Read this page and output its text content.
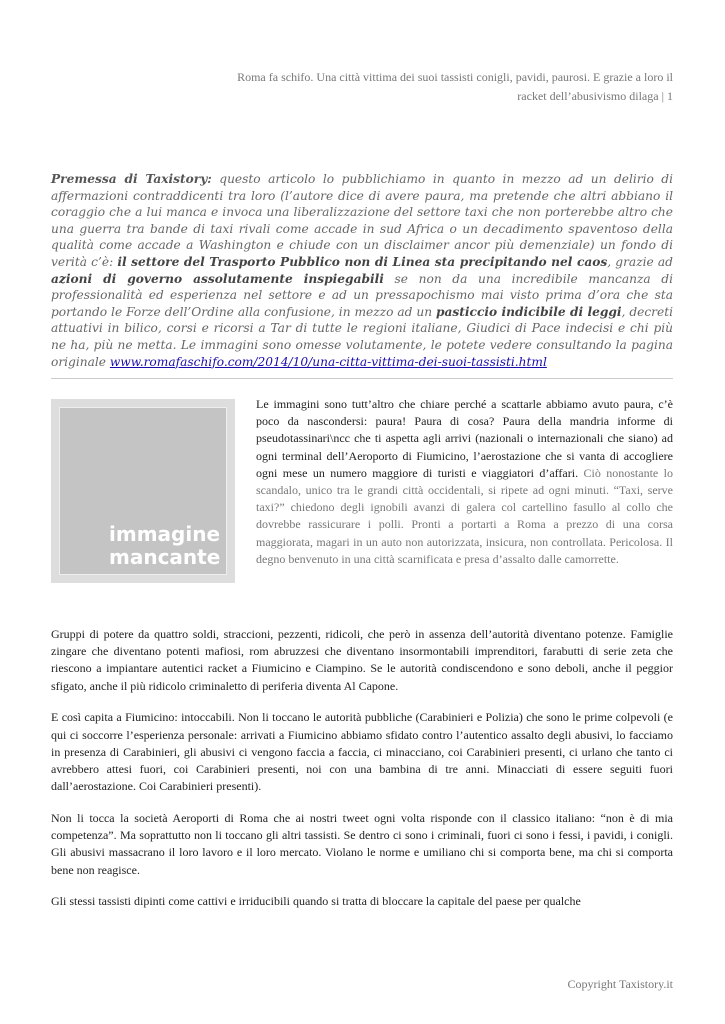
Roma fa schifo. Una città vittima dei suoi tassisti conigli, pavidi, paurosi. E grazie a loro il
racket dell’abusivismo dilaga | 1
Premessa di Taxistory: questo articolo lo pubblichiamo in quanto in mezzo ad un delirio di affermazioni contraddicenti tra loro (l’autore dice di avere paura, ma pretende che altri abbiano il coraggio che a lui manca e invoca una liberalizzazione del settore taxi che non porterebbe altro che una guerra tra bande di taxi rivali come accade in sud Africa o un decadimento spaventoso della qualità come accade a Washington e chiude con un disclaimer ancor più demenziale) un fondo di verità c’è: il settore del Trasporto Pubblico non di Linea sta precipitando nel caos, grazie ad azioni di governo assolutamente inspiegabili se non da una incredibile mancanza di professionalità ed esperienza nel settore e ad un pressapochismo mai visto prima d’ora che sta portando le Forze dell’Ordine alla confusione, in mezzo ad un pasticcio indicibile di leggi, decreti attuativi in bilico, corsi e ricorsi a Tar di tutte le regioni italiane, Giudici di Pace indecisi e chi più ne ha, più ne metta. Le immagini sono omesse volutamente, le potete vedere consultando la pagina originale www.romafaschifo.com/2014/10/una-citta-vittima-dei-suoi-tassisti.html
immagine
mancante
Le immagini sono tutt’altro che chiare perché a scattarle abbiamo avuto paura, c’è poco da nascondersi: paura! Paura di cosa? Paura della mandria informe di pseudotassinari\ncc che ti aspetta agli arrivi (nazionali o internazionali che siano) ad ogni terminal dell’Aeroporto di Fiumicino, l’aerostazione che si vanta di accogliere ogni mese un numero maggiore di turisti e viaggiatori d’affari. Ciò nonostante lo scandalo, unico tra le grandi città occidentali, si ripete ad ogni minuti. “Taxi, serve taxi?” chiedono degli ignobili avanzi di galera col cartellino fasullo al collo che dovrebbe rassicurare i polli. Pronti a portarti a Roma a prezzo di una corsa maggiorata, magari in un auto non autorizzata, insicura, non controllata. Pericolosa. Il degno benvenuto in una città scarnificata e presa d’assalto dalle camorrette.

Gruppi di potere da quattro soldi, straccioni, pezzenti, ridicoli, che però in assenza dell’autorità diventano potenze. Famiglie zingare che diventano potenti mafiosi, rom abruzzesi che diventano insormontabili imprenditori, farabutti di serie zeta che riescono a impiantare autentici racket a Fiumicino e Ciampino. Se le autorità condiscendono e sono deboli, anche il peggior sfigato, anche il più ridicolo criminaletto di periferia diventa Al Capone.

E così capita a Fiumicino: intoccabili. Non li toccano le autorità pubbliche (Carabinieri e Polizia) che sono le prime colpevoli (e qui ci soccorre l’esperienza personale: arrivati a Fiumicino abbiamo sfidato contro l’autentico assalto degli abusivi, lo facciamo in presenza di Carabinieri, gli abusivi ci vengono faccia a faccia, ci minacciano, coi Carabinieri presenti, ci urlano che tanto ci avrebbero attesi fuori, coi Carabinieri presenti, noi con una bambina di tre anni. Minacciati di essere seguiti fuori dall’aerostazione. Coi Carabinieri presenti).

Non li tocca la società Aeroporti di Roma che ai nostri tweet ogni volta risponde con il classico italiano: “non è di mia competenza”. Ma soprattutto non li toccano gli altri tassisti. Se dentro ci sono i criminali, fuori ci sono i fessi, i pavidi, i conigli. Gli abusivi massacrano il loro lavoro e il loro mercato. Violano le norme e umiliano chi si comporta bene, ma chi si comporta bene non reagisce.

Gli stessi tassisti dipinti come cattivi e irriducibili quando si tratta di bloccare la capitale del paese per qualche

Copyright Taxistory.it
